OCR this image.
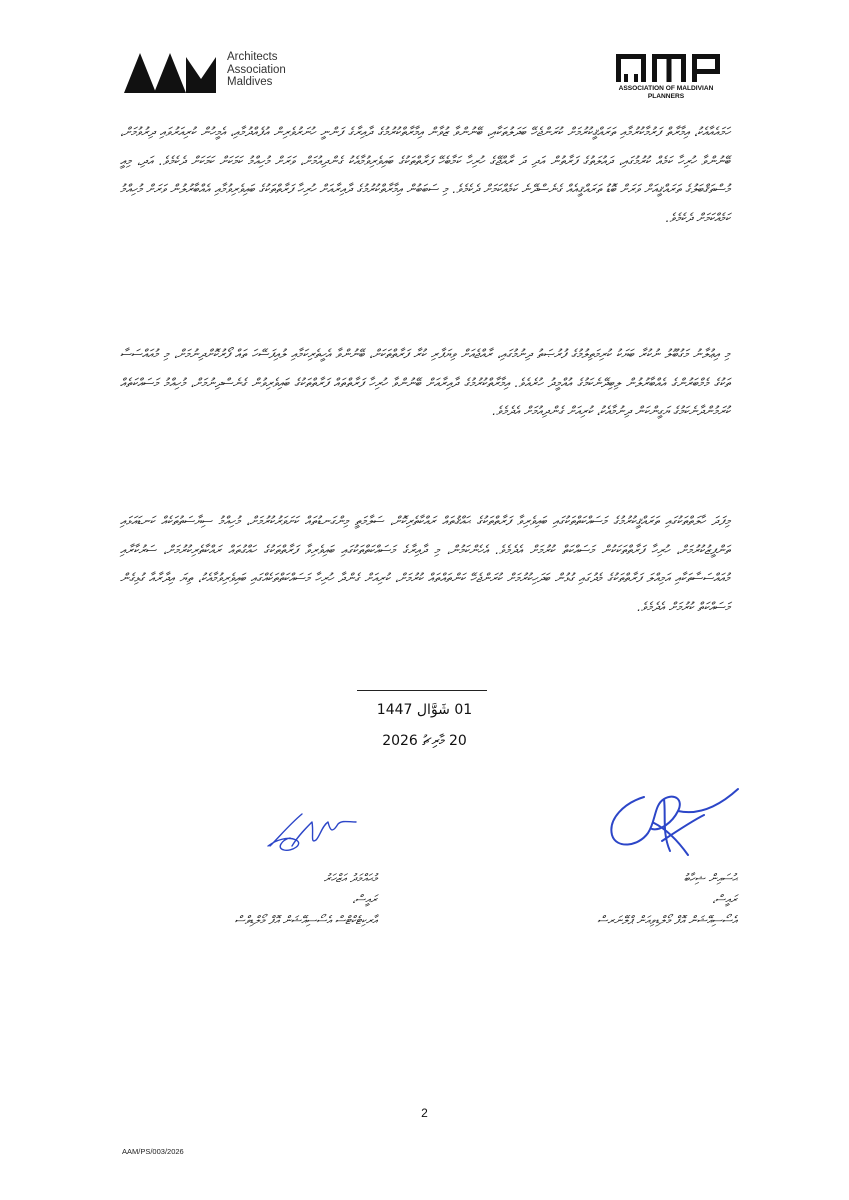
Architects
Association
Maldives
ASSOCIATION OF MALDIVIAN
PLANNERS
ހަމައެއާއެކު، އިމާރާތް ފަރުމާކުރުމާއި ތަރައްޤީކުރުމަށް ކުރަންޖެހޭ ބަދަލުތަކާއި، ބޭނުންވާ ޒުވާން އިމާރާތްކުރުމުގެ ދާއިރާގެ ފަންނީ ހުނަރުވެރިން އުފެއްދުމާއި، އެމީހުން ކުރިއަރުވައި ދިރުވުމަށް، ބޭނުންވާ ހުރިހާ ކަމެއް ކުރުމުގައި، ދައުލަތުގެ ފަރާތުން އަދި ދަ ރާއްޖޭގެ ހުރިހާ ކަމާބެހޭ ފަރާތްތަކުގެ ބައިވެރިވުމާއެކު ގެންދިއުމަށް، ވަރަށް މުހިއްމު ކަމަކަށް ކަމަކަށް ދެކެމެވެ. އަދި، މިއީ މުސްތަޤްބަލުގެ ތަރައްޤީއަށް ވަރަށް ބޮޑު ތަރައްޤީއެއް ގެނެސްދޭނެ ކަމެއްކަމަށް ދެކެމެވެ. މި ސަބަބުން އިމާރާތްކުރުމުގެ ދާއިރާއަށް ހުރިހާ ފަރާތްތަކުގެ ބައިވެރިވުމާއި އެއްބާރުލުން ވަރަށް މުހިއްމު ކަމެއްކަމަށް ދެކެމެވެ.
މި އިޢުލާނު މަގުބޫލު ނުކުރާ ބަޔަކު ކުރިމަތިލުމުގެ ފުރުޞަތު ދިނުމުގައި، ރާއްޖެއަށް ވިޔަފާރި ކުރާ ފަރާތްތަކަށް، ބޭނުންވާ އެހީތެރިކަމާއި ލުއިފަސޭހަ ތައް ފޯރުކޮށްދިނުމަށް، މި މުއައްސަސާ ތަކުގެ މެމްބަރުންގެ އެއްބާރުލުން ލިބިދޭނެކަމުގެ އުއްމީދު ހުރެއެވެ. އިމާރާތްކުރުމުގެ ދާއިރާއަށް ބޭނުންވާ ހުރިހާ ފަރާތްތައް ފަރާތްތަކުގެ ބައިވެރިވުން ގެނެސްދިނުމަށް، މުހިއްމު މަސައްކަތެއް ކުރަމުންދާނެކަމުގެ ޔަގީންކަން ދިނުމާއެކު، ކުރިއަށް ގެންދިއުމަށް އެދެމެވެ.
މިފަދަ ހާލަތްތަކުގައި ތަރައްޤީކުރުމުގެ މަސައްކަތްތަކުގައި ބައިވެރިވާ ފަރާތްތަކުގެ ޙައްޤުތައް ރައްކާތެރިކޮށް، ސަލާމަތީ މިންގަނޑުތައް ކަށަވަރުކުރުމަށް، މުހިއްމު ސިޔާސަތުތަކެއް ކަނޑައަޅައި ތަންފީޒުކުރުމަށް، ހުރިހާ ފަރާތްތަކަކުން މަސައްކަތް ކުރުމަށް އެދެމެވެ. އެހެންކަމުން، މި ދާއިރާގެ މަސައްކަތްތަކުގައި ބައިވެރިވާ ފަރާތްތަކުގެ ހައްގުތައް ރައްކާތެރިކުރުމަށް، ސަރުކާރާއި މުއައްސަސާތަކާއި އަމިއްލަ ފަރާތްތަކުގެ މެދުގައި ގުޅުން ބަދަހިކުރުމަށް ކުރަންޖެހޭ ކަންތައްތައް ކުރުމަށް، ކުރިއަށް ގެންދާ ހުރިހާ މަސައްކަތްތަކެއްގައި ބައިވެރިވުމާއެކު، ތިޔަ އިދާރާއާ ގުޅިގެން މަސައްކަތް ކުރުމަށް އެދެމެވެ.
01 شَوَّال 1447
20 މާރިޗު 2026
ޙުސައިން ޝިހާބު
ރައީސް،
އެސޯސިއޭޝަން އޮފް މޯލްޑިވިއަން ޕްލޭނަރސް
މުޙައްމަދު އަޒްހަރު
ރައީސް،
އާރކިޓެކްޓްސް އެސޯސިއޭޝަން އޮފް މޯލްޑިވްސް
2
AAM/PS/003/2026
